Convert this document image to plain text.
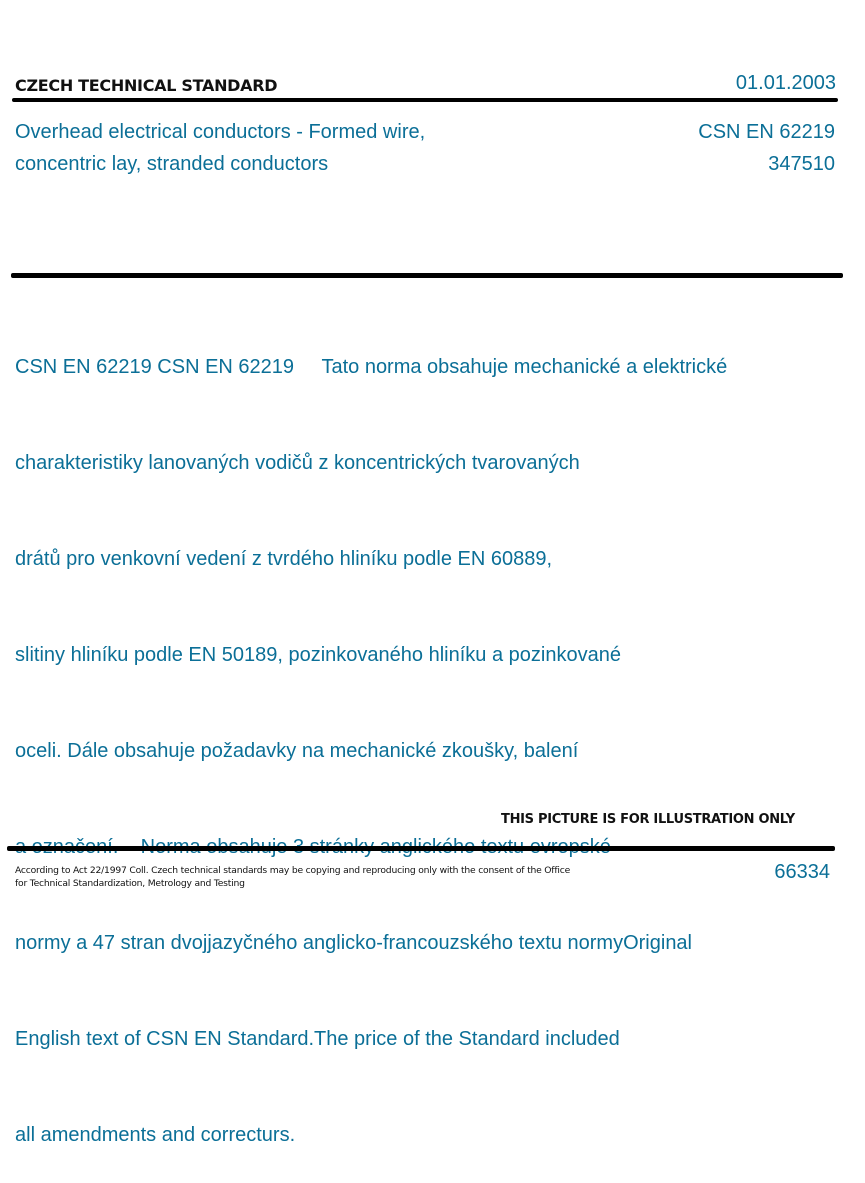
CZECH TECHNICAL STANDARD	01.01.2003
Overhead electrical conductors - Formed wire,
concentric lay, stranded conductors
CSN EN 62219
347510

CSN EN 62219 CSN EN 62219     Tato norma obsahuje mechanické a elektrické

charakteristiky lanovaných vodičů z koncentrických tvarovaných

drátů pro venkovní vedení z tvrdého hliníku podle EN 60889,

slitiny hliníku podle EN 50189, pozinkovaného hliníku a pozinkované

oceli. Dále obsahuje požadavky na mechanické zkoušky, balení

normy a 47 stran dvojjazyčného anglicko-francouzského textu normyOriginal

English text of CSN EN Standard.The price of the Standard included

all amendments and correcturs.

THIS PICTURE IS FOR ILLUSTRATION ONLY
According to Act 22/1997 Coll. Czech technical standards may be copying and reproducing only with the consent of the Office
for Technical Standardization, Metrology and Testing
66334
